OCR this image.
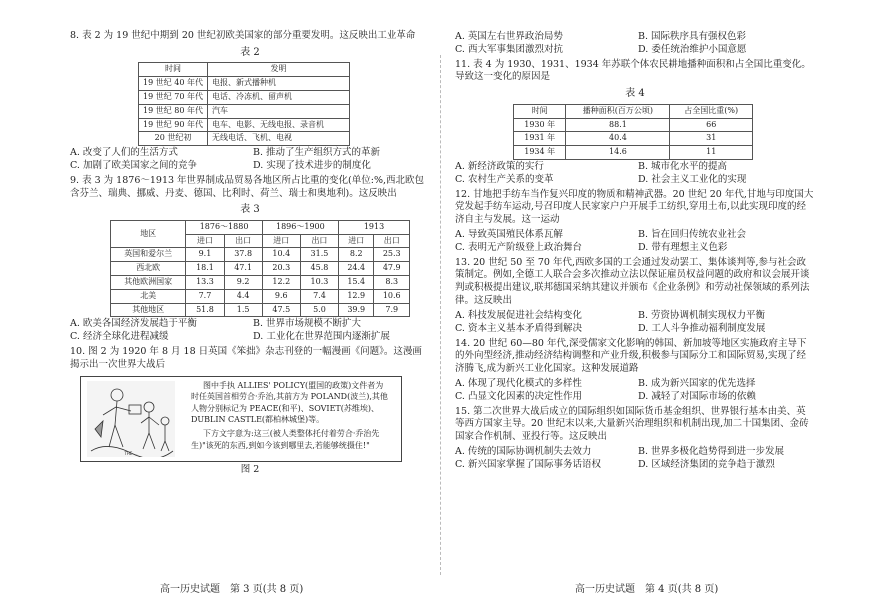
8. 表 2 为 19 世纪中期到 20 世纪初欧美国家的部分重要发明。这反映出工业革命
表 2
时间	发明
19 世纪 40 年代	电报、新式播种机
19 世纪 70 年代	电话、冷冻机、留声机
19 世纪 80 年代	汽车
19 世纪 90 年代	电车、电影、无线电报、录音机
20 世纪初	无线电话、飞机、电视
A. 改变了人们的生活方式	B. 推动了生产组织方式的革新
C. 加剧了欧美国家之间的竞争	D. 实现了技术进步的制度化
9. 表 3 为 1876～1913 年世界制成品贸易各地区所占比重的变化(单位:%,西北欧包含芬兰、瑞典、挪威、丹麦、德国、比利时、荷兰、瑞士和奥地利)。这反映出
表 3
地区	1876～1880		1896～1900		1913	
	进口	出口	进口	出口	进口	出口
英国和爱尔兰	9.1	37.8	10.4	31.5	8.2	25.3
西北欧	18.1	47.1	20.3	45.8	24.4	47.9
其他欧洲国家	13.3	9.2	12.2	10.3	15.4	8.3
北美	7.7	4.4	9.6	7.4	12.9	10.6
其他地区	51.8	1.5	47.5	5.0	39.9	7.9
A. 欧美各国经济发展趋于平衡	B. 世界市场规模不断扩大
C. 经济全球化进程减缓	D. 工业化在世界范围内逐渐扩展
10. 图 2 为 1920 年 8 月 18 日英国《笨拙》杂志刊登的一幅漫画《问题》。这漫画揭示出一次世界大战后
THE ...

图中手执 ALLIES' POLICY(盟国的政策)文件者为时任英国首相劳合·乔治,其前方为 POLAND(波兰),其他人物分别标记为 PEACE(和平)、SOVIET(苏维埃)、DUBLIN CASTLE(都柏林城堡)等。

下方文字意为:这三(被人类整体托付着劳合·乔治先生)"该死的东西,到如今该到哪里去,若能够统摄住!"

图 2
A. 英国左右世界政治局势	B. 国际秩序具有强权色彩
C. 西大军事集团激烈对抗	D. 委任统治维护小国意愿
11. 表 4 为 1930、1931、1934 年苏联个体农民耕地播种面积和占全国比重变化。导致这一变化的原因是
表 4
时间	播种面积(百万公顷)	占全国比重(%)
1930 年	88.1	66
1931 年	40.4	31
1934 年	14.6	11
A. 新经济政策的实行	B. 城市化水平的提高
C. 农村生产关系的变革	D. 社会主义工业化的实现
12. 甘地把手纺车当作复兴印度的物质和精神武器。20 世纪 20 年代,甘地与印度国大党发起手纺车运动,号召印度人民家家户户开展手工纺织,穿用土布,以此实现印度的经济自主与发展。这一运动
A. 导致英国殖民体系瓦解	B. 旨在回归传统农业社会
C. 表明无产阶级登上政治舞台	D. 带有理想主义色彩
13. 20 世纪 50 至 70 年代,西欧多国的工会通过发动罢工、集体谈判等,参与社会政策制定。例如,全德工人联合会多次推动立法以保证雇员权益问题的政府和议会展开谈判或积极提出建议,联邦德国采纳其建议并颁布《企业条例》和劳动社保领域的系列法律。这反映出
A. 科技发展促进社会结构变化	B. 劳资协调机制实现权力平衡
C. 资本主义基本矛盾得到解决	D. 工人斗争推动福利制度发展
14. 20 世纪 60—80 年代,深受儒家文化影响的韩国、新加坡等地区实施政府主导下的外向型经济,推动经济结构调整和产业升级,积极参与国际分工和国际贸易,实现了经济腾飞,成为新兴工业化国家。这种发展道路
A. 体现了现代化模式的多样性	B. 成为新兴国家的优先选择
C. 凸显文化因素的决定性作用	D. 减轻了对国际市场的依赖
15. 第二次世界大战后成立的国际组织如国际货币基金组织、世界银行基本由美、英等西方国家主导。20 世纪末以来,大量新兴治理组织和机制出现,加二十国集团、金砖国家合作机制、亚投行等。这反映出
A. 传统的国际协调机制失去效力	B. 世界多极化趋势得到进一步发展
C. 新兴国家掌握了国际事务话语权	D. 区域经济集团的竞争趋于激烈
高一历史试题　第 3 页(共 8 页)	高一历史试题　第 4 页(共 8 页)
